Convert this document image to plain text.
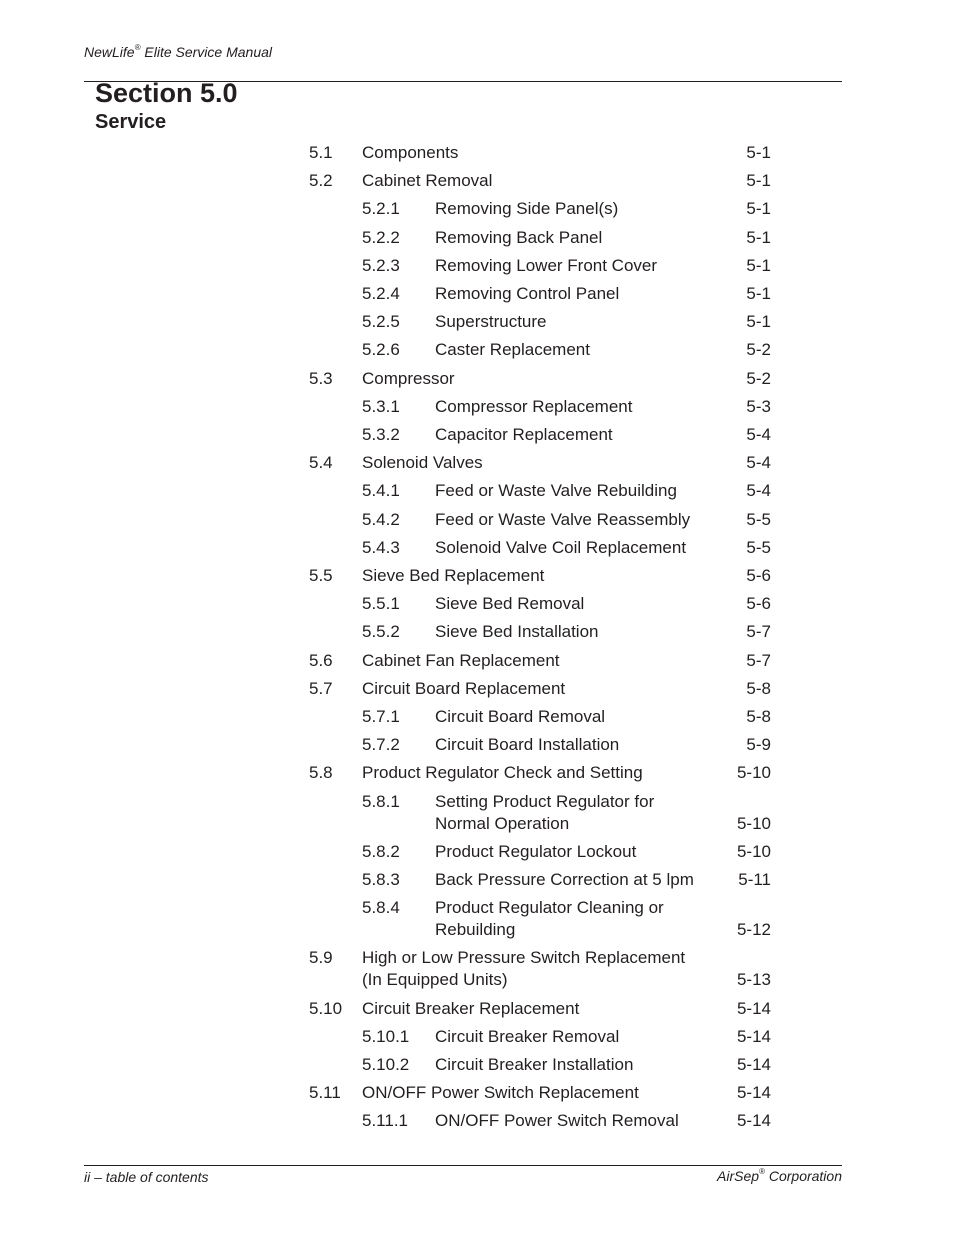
NewLife® Elite Service Manual
Section 5.0
Service
5.1 Components	5-1
5.2 Cabinet Removal	5-1
5.2.1 Removing Side Panel(s)	5-1
5.2.2 Removing Back Panel	5-1
5.2.3 Removing Lower Front Cover	5-1
5.2.4 Removing Control Panel	5-1
5.2.5 Superstructure	5-1
5.2.6 Caster Replacement	5-2
5.3 Compressor	5-2
5.3.1 Compressor Replacement	5-3
5.3.2 Capacitor Replacement	5-4
5.4 Solenoid Valves	5-4
5.4.1 Feed or Waste Valve Rebuilding	5-4
5.4.2 Feed or Waste Valve Reassembly	5-5
5.4.3 Solenoid Valve Coil Replacement	5-5
5.5 Sieve Bed Replacement	5-6
5.5.1 Sieve Bed Removal	5-6
5.5.2 Sieve Bed Installation	5-7
5.6 Cabinet Fan Replacement	5-7
5.7 Circuit Board Replacement	5-8
5.7.1 Circuit Board Removal	5-8
5.7.2 Circuit Board Installation	5-9
5.8 Product Regulator Check and Setting	5-10
5.8.1 Setting Product Regulator for
Normal Operation	5-10
5.8.2 Product Regulator Lockout	5-10
5.8.3 Back Pressure Correction at 5 lpm	5-11
5.8.4 Product Regulator Cleaning or
Rebuilding	5-12
5.9 High or Low Pressure Switch Replacement
(In Equipped Units)	5-13
5.10 Circuit Breaker Replacement	5-14
5.10.1 Circuit Breaker Removal	5-14
5.10.2 Circuit Breaker Installation	5-14
5.11 ON/OFF Power Switch Replacement	5-14
5.11.1 ON/OFF Power Switch Removal	5-14
ii – table of contents	AirSep® Corporation
